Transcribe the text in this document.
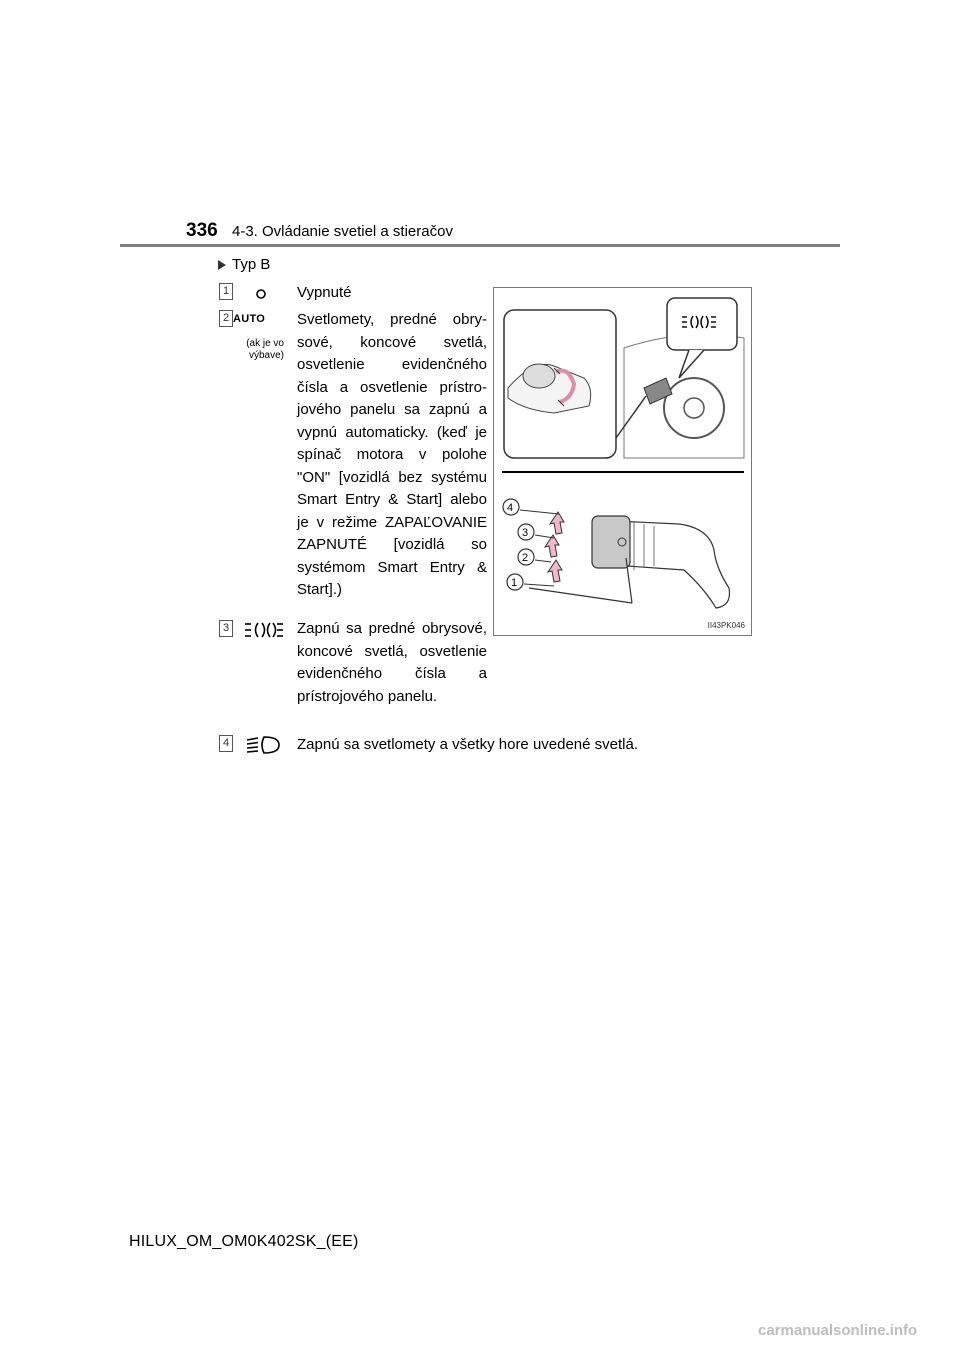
336 4-3. Ovládanie svetiel a stieračov
Typ B
1	Vypnuté
2 AUTO
(ak je vo výbave)
Svetlomety, predné obrysové, koncové svetlá, osvetlenie evidenčného čísla a osvetlenie prístrojového panelu sa zapnú a vypnú automaticky. (keď je spínač motora v polohe "ON" [vozidlá bez systému Smart Entry & Start] alebo je v režime ZAPAĽOVANIE ZAPNUTÉ [vozidlá so systémom Smart Entry & Start].)
3	Zapnú sa predné obrysové, koncové svetlá, osvetlenie evidenčného čísla a prístrojového panelu.
4	Zapnú sa svetlomety a všetky hore uvedené svetlá.
4
3
2
1
II43PK046
HILUX_OM_OM0K402SK_(EE)
carmanualsonline.info
